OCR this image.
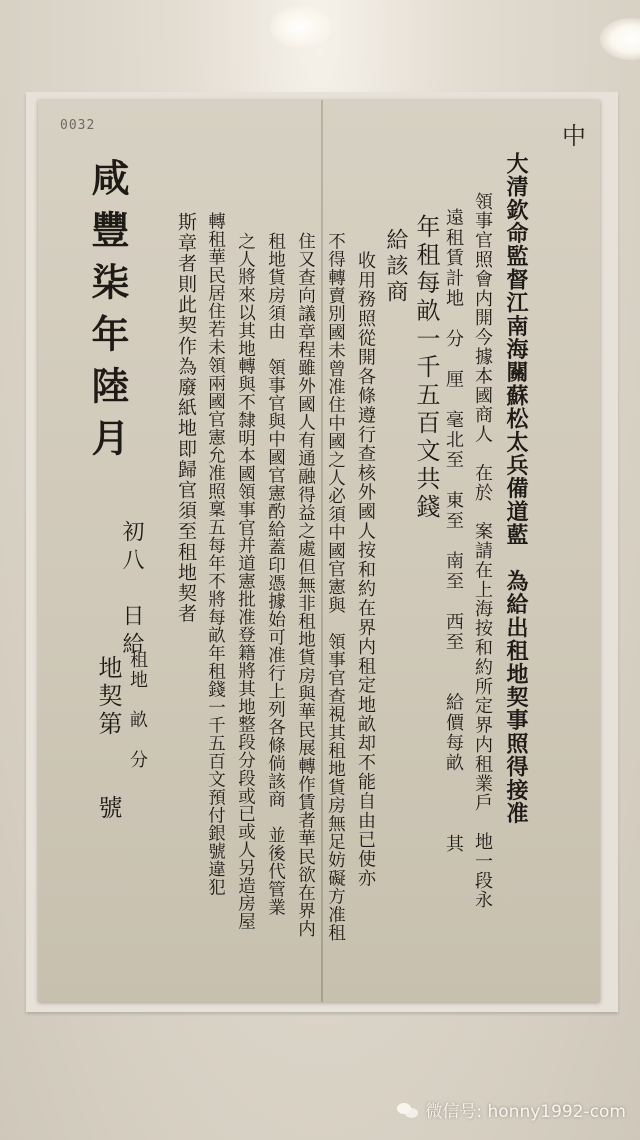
0032	中
大清欽命監督江南海關蘇松太兵備道藍　為給出租地契事照得接准
領事官照會内開今據本國商人　在於　案請在上海按和約所定界内租業戶　地一段永
遠租賃計地　分　厘　毫北至　東至　南至　西至　　給價每畝　　　其
年租每畝一千五百文共錢
給該商
　收用務照從開各條遵行查核外國人按和約在界内租定地畝却不能自由已使亦
不得轉賣別國未曾准住中國之人必須中國官憲與　領事官查視其租地貨房無足妨礙方准租
住又查向議章程雖外國人有通融得益之處但無非租地貨房與華民展轉作賃者華民欲在界内
租地貨房須由　領事官與中國官憲酌給蓋印憑據始可准行上列各條倘該商　並後代管業
之人將來以其地轉與不隸明本國領事官并道憲批准登籍將其地整段分段或已或人另造房屋
轉租華民居住若未領兩國官憲允准照稟五每年不將每畝年租錢一千五百文預付銀號違犯
斯章者則此契作為廢紙地即歸官須至租地契者
咸豐柒年陸月
初八　日給
地契第　　號 租地　畝　分
微信号: honny1992-com
